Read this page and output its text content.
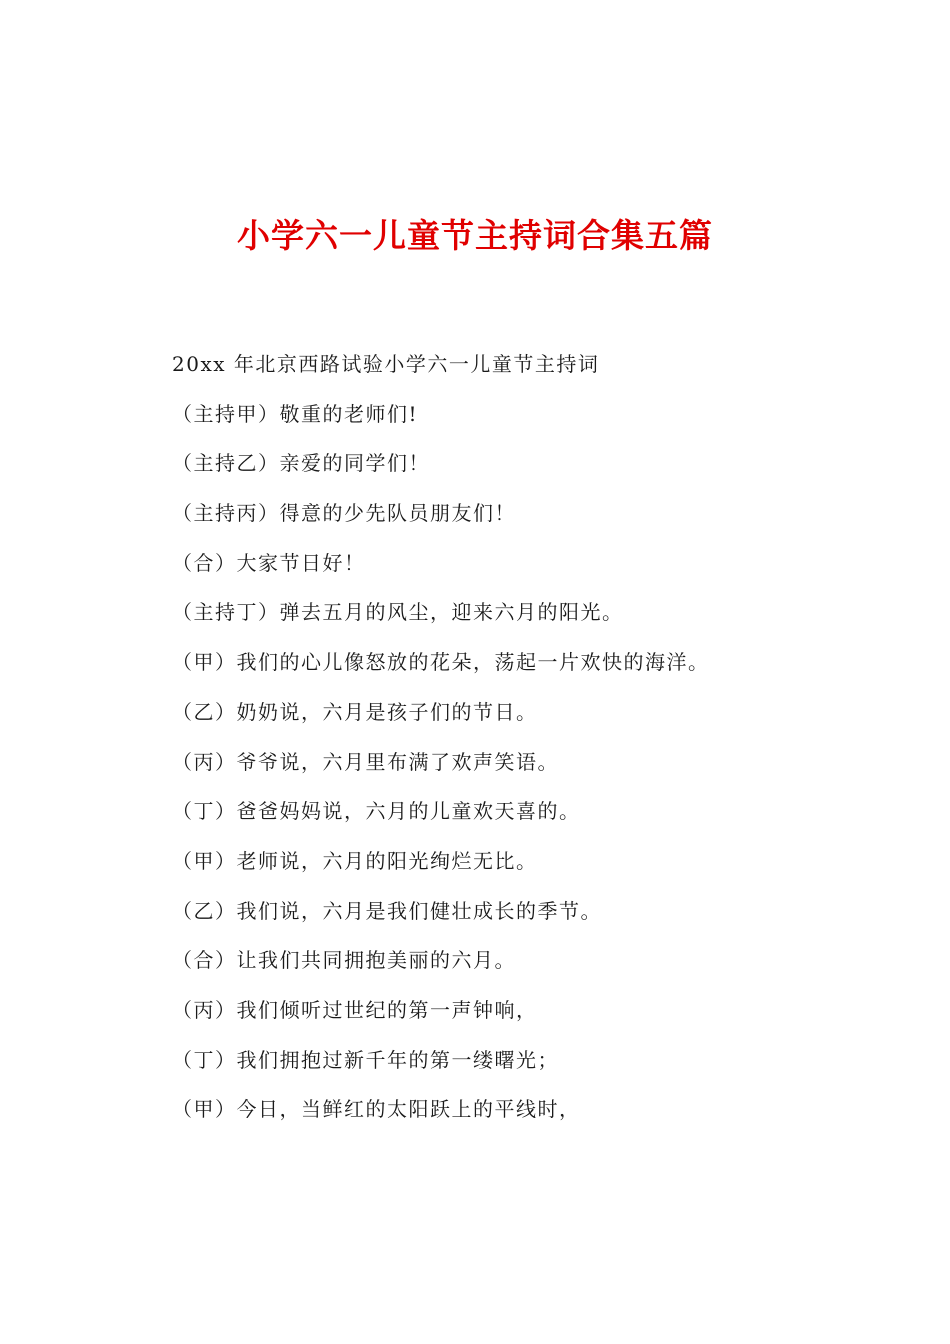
小学六一儿童节主持词合集五篇

20xx 年北京西路试验小学六一儿童节主持词

（主持甲）敬重的老师们!

（主持乙）亲爱的同学们！

（主持丙）得意的少先队员朋友们！

（合）大家节日好！

（主持丁）弹去五月的风尘，迎来六月的阳光。

（甲）我们的心儿像怒放的花朵，荡起一片欢快的海洋。

（乙）奶奶说，六月是孩子们的节日。

（丙）爷爷说，六月里布满了欢声笑语。

（丁）爸爸妈妈说，六月的儿童欢天喜的。

（甲）老师说，六月的阳光绚烂无比。

（乙）我们说，六月是我们健壮成长的季节。

（合）让我们共同拥抱美丽的六月。

（丙）我们倾听过世纪的第一声钟响，

（丁）我们拥抱过新千年的第一缕曙光；

（甲）今日，当鲜红的太阳跃上的平线时，
